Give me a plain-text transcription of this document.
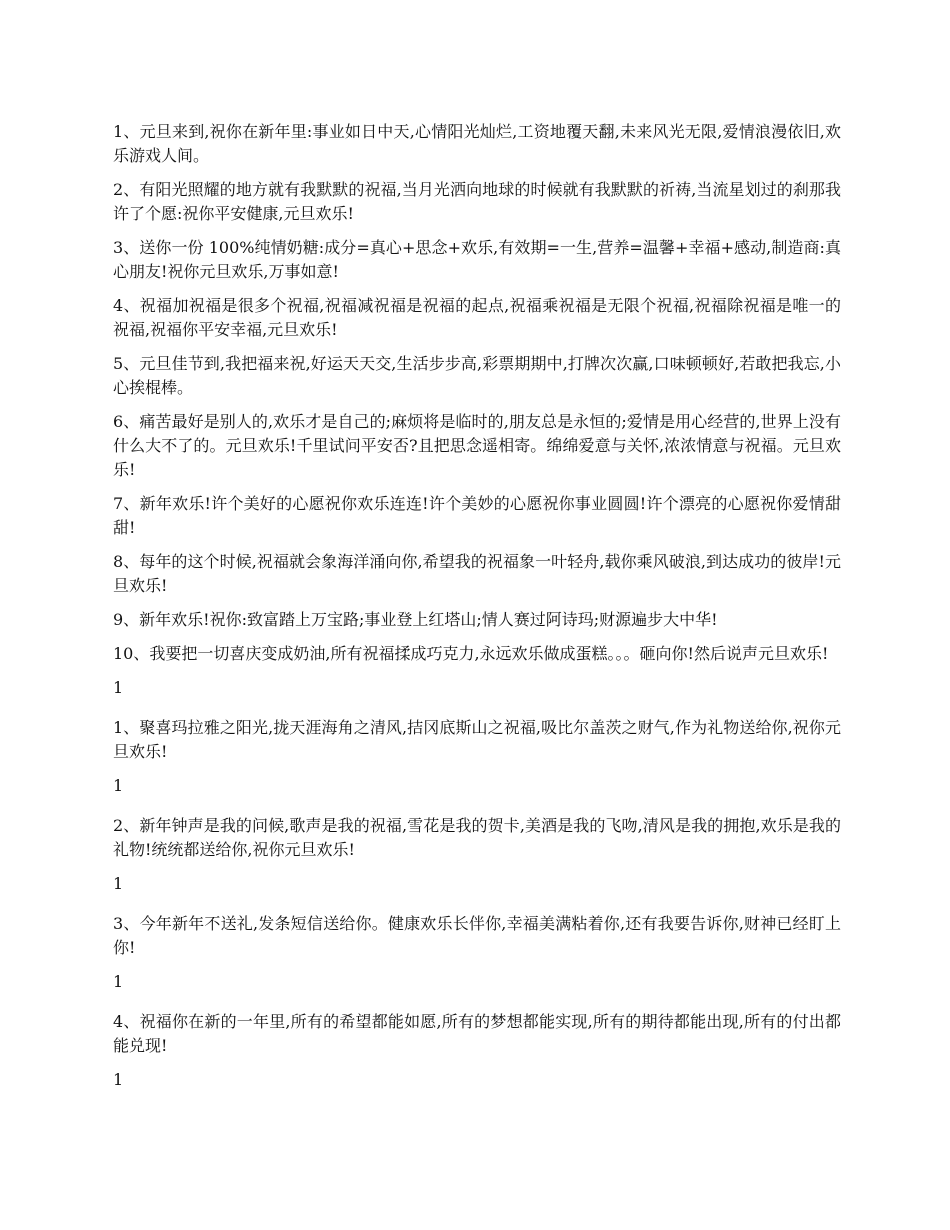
1、元旦来到,祝你在新年里:事业如日中天,心情阳光灿烂,工资地覆天翻,未来风光无限,爱情浪漫依旧,欢乐游戏人间。

2、有阳光照耀的地方就有我默默的祝福,当月光洒向地球的时候就有我默默的祈祷,当流星划过的刹那我许了个愿:祝你平安健康,元旦欢乐!

3、送你一份 100%纯情奶糖:成分=真心+思念+欢乐,有效期=一生,营养=温馨+幸福+感动,制造商:真心朋友!祝你元旦欢乐,万事如意!

4、祝福加祝福是很多个祝福,祝福减祝福是祝福的起点,祝福乘祝福是无限个祝福,祝福除祝福是唯一的祝福,祝福你平安幸福,元旦欢乐!

5、元旦佳节到,我把福来祝,好运天天交,生活步步高,彩票期期中,打牌次次赢,口味顿顿好,若敢把我忘,小心挨棍棒。

6、痛苦最好是别人的,欢乐才是自己的;麻烦将是临时的,朋友总是永恒的;爱情是用心经营的,世界上没有什么大不了的。元旦欢乐!千里试问平安否?且把思念遥相寄。绵绵爱意与关怀,浓浓情意与祝福。元旦欢乐!

7、新年欢乐!许个美好的心愿祝你欢乐连连!许个美妙的心愿祝你事业圆圆!许个漂亮的心愿祝你爱情甜甜!

8、每年的这个时候,祝福就会象海洋涌向你,希望我的祝福象一叶轻舟,载你乘风破浪,到达成功的彼岸!元旦欢乐!

9、新年欢乐!祝你:致富踏上万宝路;事业登上红塔山;情人赛过阿诗玛;财源遍步大中华!

10、我要把一切喜庆变成奶油,所有祝福揉成巧克力,永远欢乐做成蛋糕。。。砸向你!然后说声元旦欢乐!

1

1、聚喜玛拉雅之阳光,拢天涯海角之清风,拮冈底斯山之祝福,吸比尔盖茨之财气,作为礼物送给你,祝你元旦欢乐!

1

2、新年钟声是我的问候,歌声是我的祝福,雪花是我的贺卡,美酒是我的飞吻,清风是我的拥抱,欢乐是我的礼物!统统都送给你,祝你元旦欢乐!

1

3、今年新年不送礼,发条短信送给你。健康欢乐长伴你,幸福美满粘着你,还有我要告诉你,财神已经盯上你!

1

4、祝福你在新的一年里,所有的希望都能如愿,所有的梦想都能实现,所有的期待都能出现,所有的付出都能兑现!

1
